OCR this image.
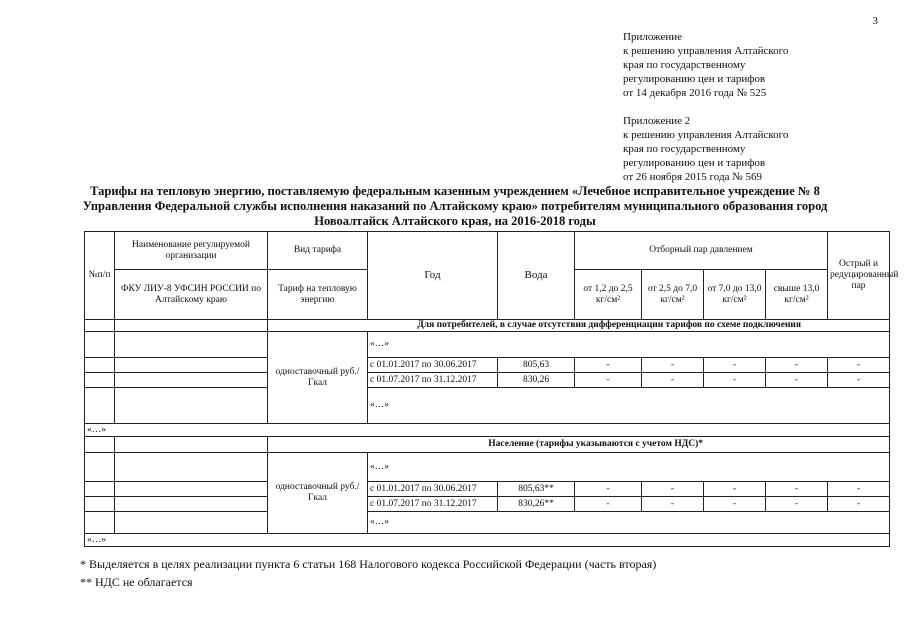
3
Приложение
к решению управления Алтайского
края по государственному
регулированию цен и тарифов
от 14 декабря 2016 года № 525
Приложение 2
к решению управления Алтайского
края по государственному
регулированию цен и тарифов
от 26 ноября 2015 года № 569
Тарифы на тепловую энергию, поставляемую федеральным казенным учреждением «Лечебное исправительное учреждение № 8
Управления Федеральной службы исполнения наказаний по Алтайскому краю» потребителям муниципального образования город
Новоалтайск Алтайского края, на 2016-2018 годы
№п/п	Наименование регулируемой организации	Вид тарифа	Год	Вода	Отборный пар давлением				Острый и редуцированный пар
	ФКУ ЛИУ-8 УФСИН РОССИИ по Алтайскому краю	Тариф на тепловую энергию			от 1,2 до 2,5 кг/см²	от 2,5 до 7,0 кг/см²	от 7,0 до 13,0 кг/см²	свыше 13,0 кг/см²	
		Для потребителей, в случае отсутствия дифференциации тарифов по схеме подключения							
		одноставочный руб./Гкал	«…»						
			с 01.01.2017 по 30.06.2017	805,63	-	-	-	-	-
			с 01.07.2017 по 31.12.2017	830,26	-	-	-	-	-
			«…»						
«…»									
		Население (тарифы указываются с учетом НДС)*							
		одноставочный руб./Гкал	«…»						
			с 01.01.2017 по 30.06.2017	805,63**	-	-	-	-	-
			с 01.07.2017 по 31.12.2017	830,26**	-	-	-	-	-
			«…»						
«…»									
* Выделяется в целях реализации пункта 6 статьи 168 Налогового кодекса Российской Федерации (часть вторая)
** НДС не облагается
